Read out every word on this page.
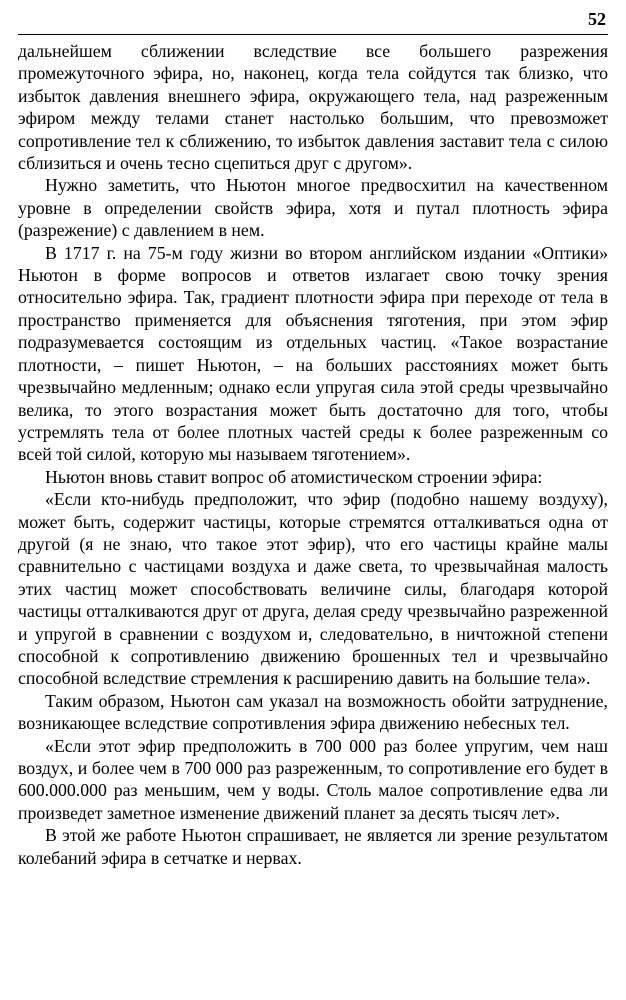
52

дальнейшем сближении вследствие все большего разрежения промежуточного эфира, но, наконец, когда тела сойдутся так близко, что избыток давления внешнего эфира, окружающего тела, над разреженным эфиром между телами станет настолько большим, что превозможет сопротивление тел к сближению, то избыток давления заставит тела с силою сблизиться и очень тесно сцепиться друг с другом».

Нужно заметить, что Ньютон многое предвосхитил на качественном уровне в определении свойств эфира, хотя и путал плотность эфира (разрежение) с давлением в нем.

В 1717 г. на 75-м году жизни во втором английском издании «Оптики» Ньютон в форме вопросов и ответов излагает свою точку зрения относительно эфира. Так, градиент плотности эфира при переходе от тела в пространство применяется для объяснения тяготения, при этом эфир подразумевается состоящим из отдельных частиц. «Такое возрастание плотности, – пишет Ньютон, – на больших расстояниях может быть чрезвычайно медленным; однако если упругая сила этой среды чрезвычайно велика, то этого возрастания может быть достаточно для того, чтобы устремлять тела от более плотных частей среды к более разреженным со всей той силой, которую мы называем тяготением».

Ньютон вновь ставит вопрос об атомистическом строении эфира:

«Если кто-нибудь предположит, что эфир (подобно нашему воздуху), может быть, содержит частицы, которые стремятся отталкиваться одна от другой (я не знаю, что такое этот эфир), что его частицы крайне малы сравнительно с частицами воздуха и даже света, то чрезвычайная малость этих частиц может способствовать величине силы, благодаря которой частицы отталкиваются друг от друга, делая среду чрезвычайно разреженной и упругой в сравнении с воздухом и, следовательно, в ничтожной степени способной к сопротивлению движению брошенных тел и чрезвычайно способной вследствие стремления к расширению давить на большие тела».

Таким образом, Ньютон сам указал на возможность обойти затруднение, возникающее вследствие сопротивления эфира движению небесных тел.

«Если этот эфир предположить в 700 000 раз более упругим, чем наш воздух, и более чем в 700 000 раз разреженным, то сопротивление его будет в 600.000.000 раз меньшим, чем у воды. Столь малое сопротивление едва ли произведет заметное изменение движений планет за десять тысяч лет».

В этой же работе Ньютон спрашивает, не является ли зрение результатом колебаний эфира в сетчатке и нервах.
